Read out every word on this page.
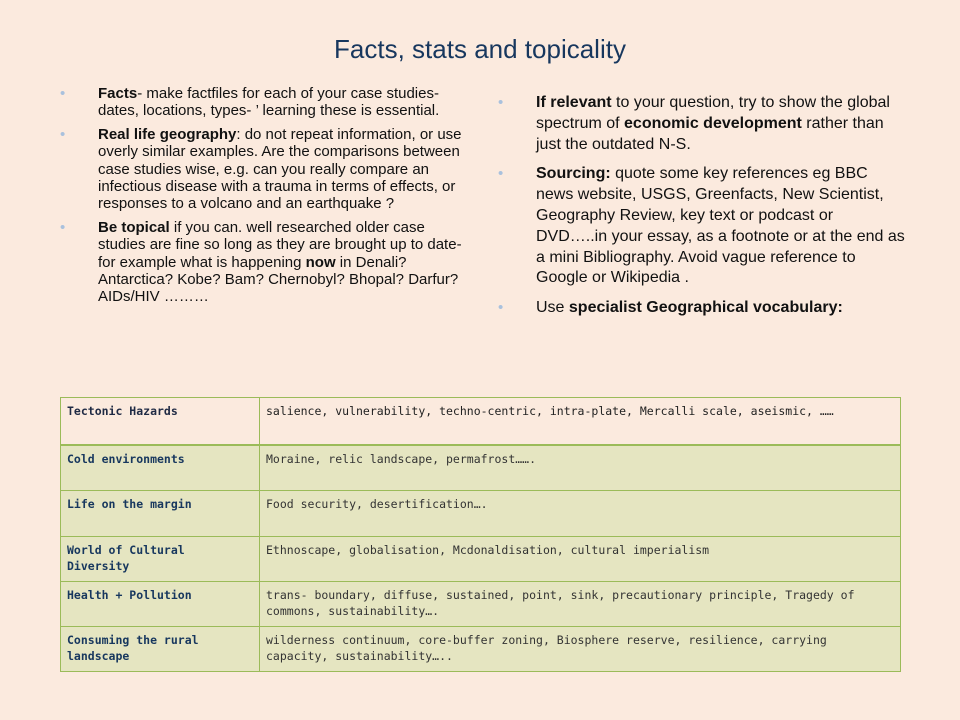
Facts, stats and topicality
• Facts- make factfiles for each of your case studies- dates, locations, types- ’ learning these is essential.
• Real life geography: do not repeat information, or use overly similar examples. Are the comparisons between case studies wise, e.g. can you really compare an infectious disease with a trauma in terms of effects, or responses to a volcano and an earthquake ?
• Be topical if you can. well researched older case studies are fine so long as they are brought up to date- for example what is happening now in Denali? Antarctica? Kobe? Bam? Chernobyl? Bhopal? Darfur? AIDs/HIV ………
• If relevant to your question, try to show the global spectrum of economic development rather than just the outdated N-S.
• Sourcing: quote some key references eg BBC news website, USGS, Greenfacts, New Scientist, Geography Review, key text or podcast or DVD…..in your essay, as a footnote or at the end as a mini Bibliography. Avoid vague reference to Google or Wikipedia .
• Use specialist Geographical vocabulary:
Tectonic Hazards	salience, vulnerability, techno-centric, intra-plate, Mercalli scale, aseismic, ……
Cold environments	Moraine, relic landscape, permafrost…….
Life on the margin	Food security, desertification….
World of Cultural Diversity	Ethnoscape, globalisation, Mcdonaldisation, cultural imperialism
Health + Pollution	trans- boundary, diffuse, sustained, point, sink, precautionary principle, Tragedy of commons, sustainability….
Consuming the rural landscape	wilderness continuum, core-buffer zoning, Biosphere reserve, resilience, carrying capacity, sustainability…..
